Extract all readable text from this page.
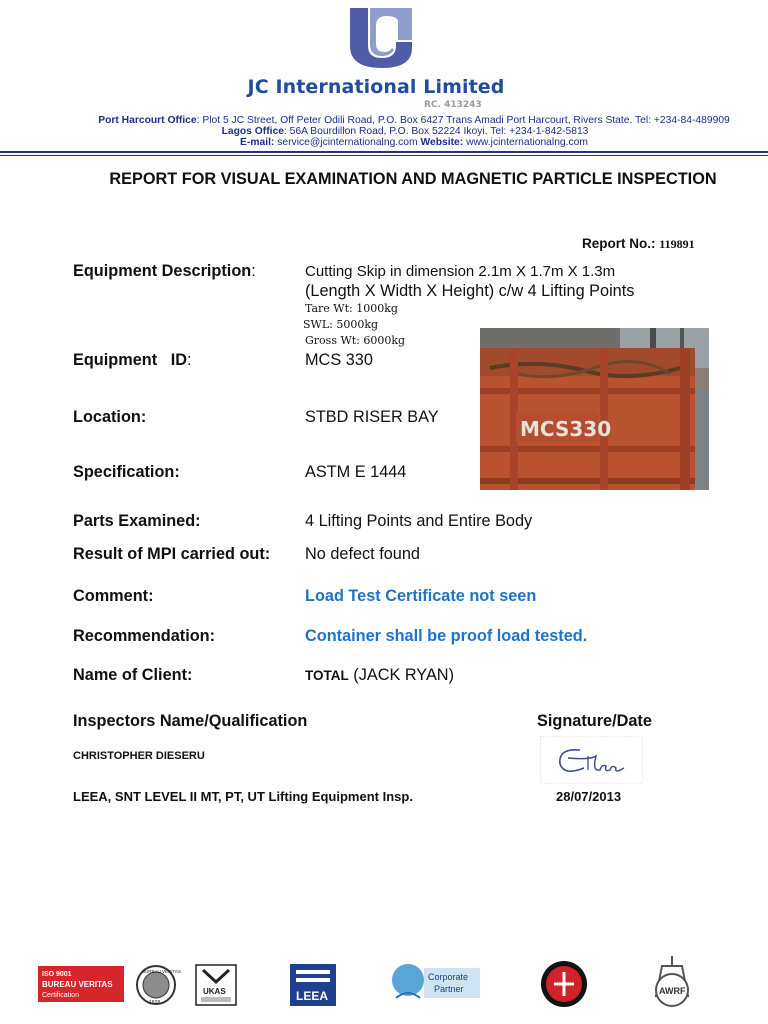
JC International Limited
RC. 413243
Port Harcourt Office: Plot 5 JC Street, Off Peter Odili Road, P.O. Box 6427 Trans Amadi Port Harcourt, Rivers State. Tel: +234-84-489909
Lagos Office: 56A Bourdillon Road, P.O. Box 52224 Ikoyi. Tel: +234-1-842-5813
E-mail: service@jcinternationalng.com Website: www.jcinternationalng.com
REPORT FOR VISUAL EXAMINATION AND MAGNETIC PARTICLE INSPECTION
Report No.: 119891
Equipment Description:	Cutting Skip in dimension 2.1m X 1.7m X 1.3m
(Length X Width X Height) c/w 4 Lifting Points
Tare Wt: 1000kg
SWL: 5000kg
Gross Wt: 6000kg
Equipment   ID:	MCS 330
MCS330
Location:	STBD RISER BAY
Specification:	ASTM E 1444
Parts Examined:	4 Lifting Points and Entire Body
Result of MPI carried out: No defect found
Comment:	Load Test Certificate not seen
Recommendation:	Container shall be proof load tested.
Name of Client:	TOTAL (JACK RYAN)
Inspectors Name/Qualification	Signature/Date
CHRISTOPHER DIESERU
LEEA, SNT LEVEL II MT, PT, UT Lifting Equipment Insp.	28/07/2013
ISO 9001
BUREAU VERITAS
Certification
BUREAU VERITAS
1828
UKAS	LEEA
Corporate
Partner	AWRF
